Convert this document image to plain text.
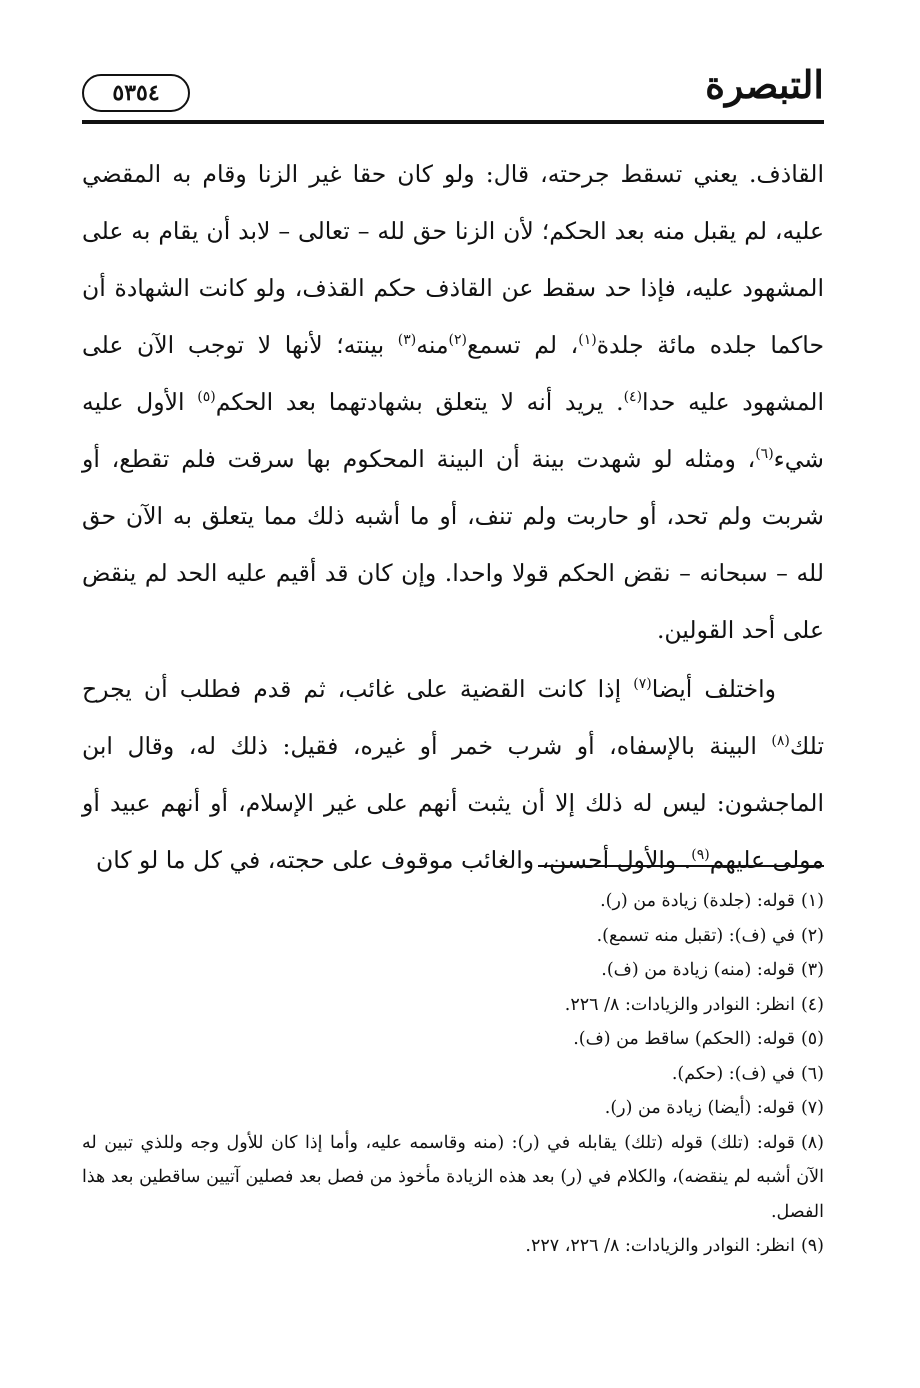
٥٣٥٤	التبصرة

القاذف. يعني تسقط جرحته، قال: ولو كان حقا غير الزنا وقام به المقضي عليه، لم يقبل منه بعد الحكم؛ لأن الزنا حق لله – تعالى – لابد أن يقام به على المشهود عليه، فإذا حد سقط عن القاذف حكم القذف، ولو كانت الشهادة أن حاكما جلده مائة جلدة$^{(١)}$، لم تسمع$^{(٢)}$منه$^{(٣)}$ بينته؛ لأنها لا توجب الآن على المشهود عليه حدا$^{(٤)}$. يريد أنه لا يتعلق بشهادتهما بعد الحكم$^{(٥)}$ الأول عليه شيء$^{(٦)}$، ومثله لو شهدت بينة أن البينة المحكوم بها سرقت فلم تقطع، أو شربت ولم تحد، أو حاربت ولم تنف، أو ما أشبه ذلك مما يتعلق به الآن حق لله – سبحانه – نقض الحكم قولا واحدا. وإن كان قد أقيم عليه الحد لم ينقض على أحد القولين.

واختلف أيضا$^{(٧)}$ إذا كانت القضية على غائب، ثم قدم فطلب أن يجرح تلك$^{(٨)}$ البينة بالإسفاه، أو شرب خمر أو غيره، فقيل: ذلك له، وقال ابن الماجشون: ليس له ذلك إلا أن يثبت أنهم على غير الإسلام، أو أنهم عبيد أو مولى عليهم$^{(٩)}$. والأول أحسن، والغائب موقوف على حجته، في كل ما لو كان

(١)قوله: (جلدة) زيادة من (ر).

(٢)في (ف): (تقبل منه تسمع).

(٣)قوله: (منه) زيادة من (ف).

(٤)انظر: النوادر والزيادات: ٨/ ٢٢٦.

(٥)قوله: (الحكم) ساقط من (ف).

(٦)في (ف): (حكم).

(٧)قوله: (أيضا) زيادة من (ر).

(٨)قوله: (تلك) قوله (تلك) يقابله في (ر): (منه وقاسمه عليه، وأما إذا كان للأول وجه وللذي تبين له الآن أشبه لم ينقضه)، والكلام في (ر) بعد هذه الزيادة مأخوذ من فصل بعد فصلين آتيين ساقطين بعد هذا الفصل.

(٩)انظر: النوادر والزيادات: ٨/ ٢٢٦، ٢٢٧.
